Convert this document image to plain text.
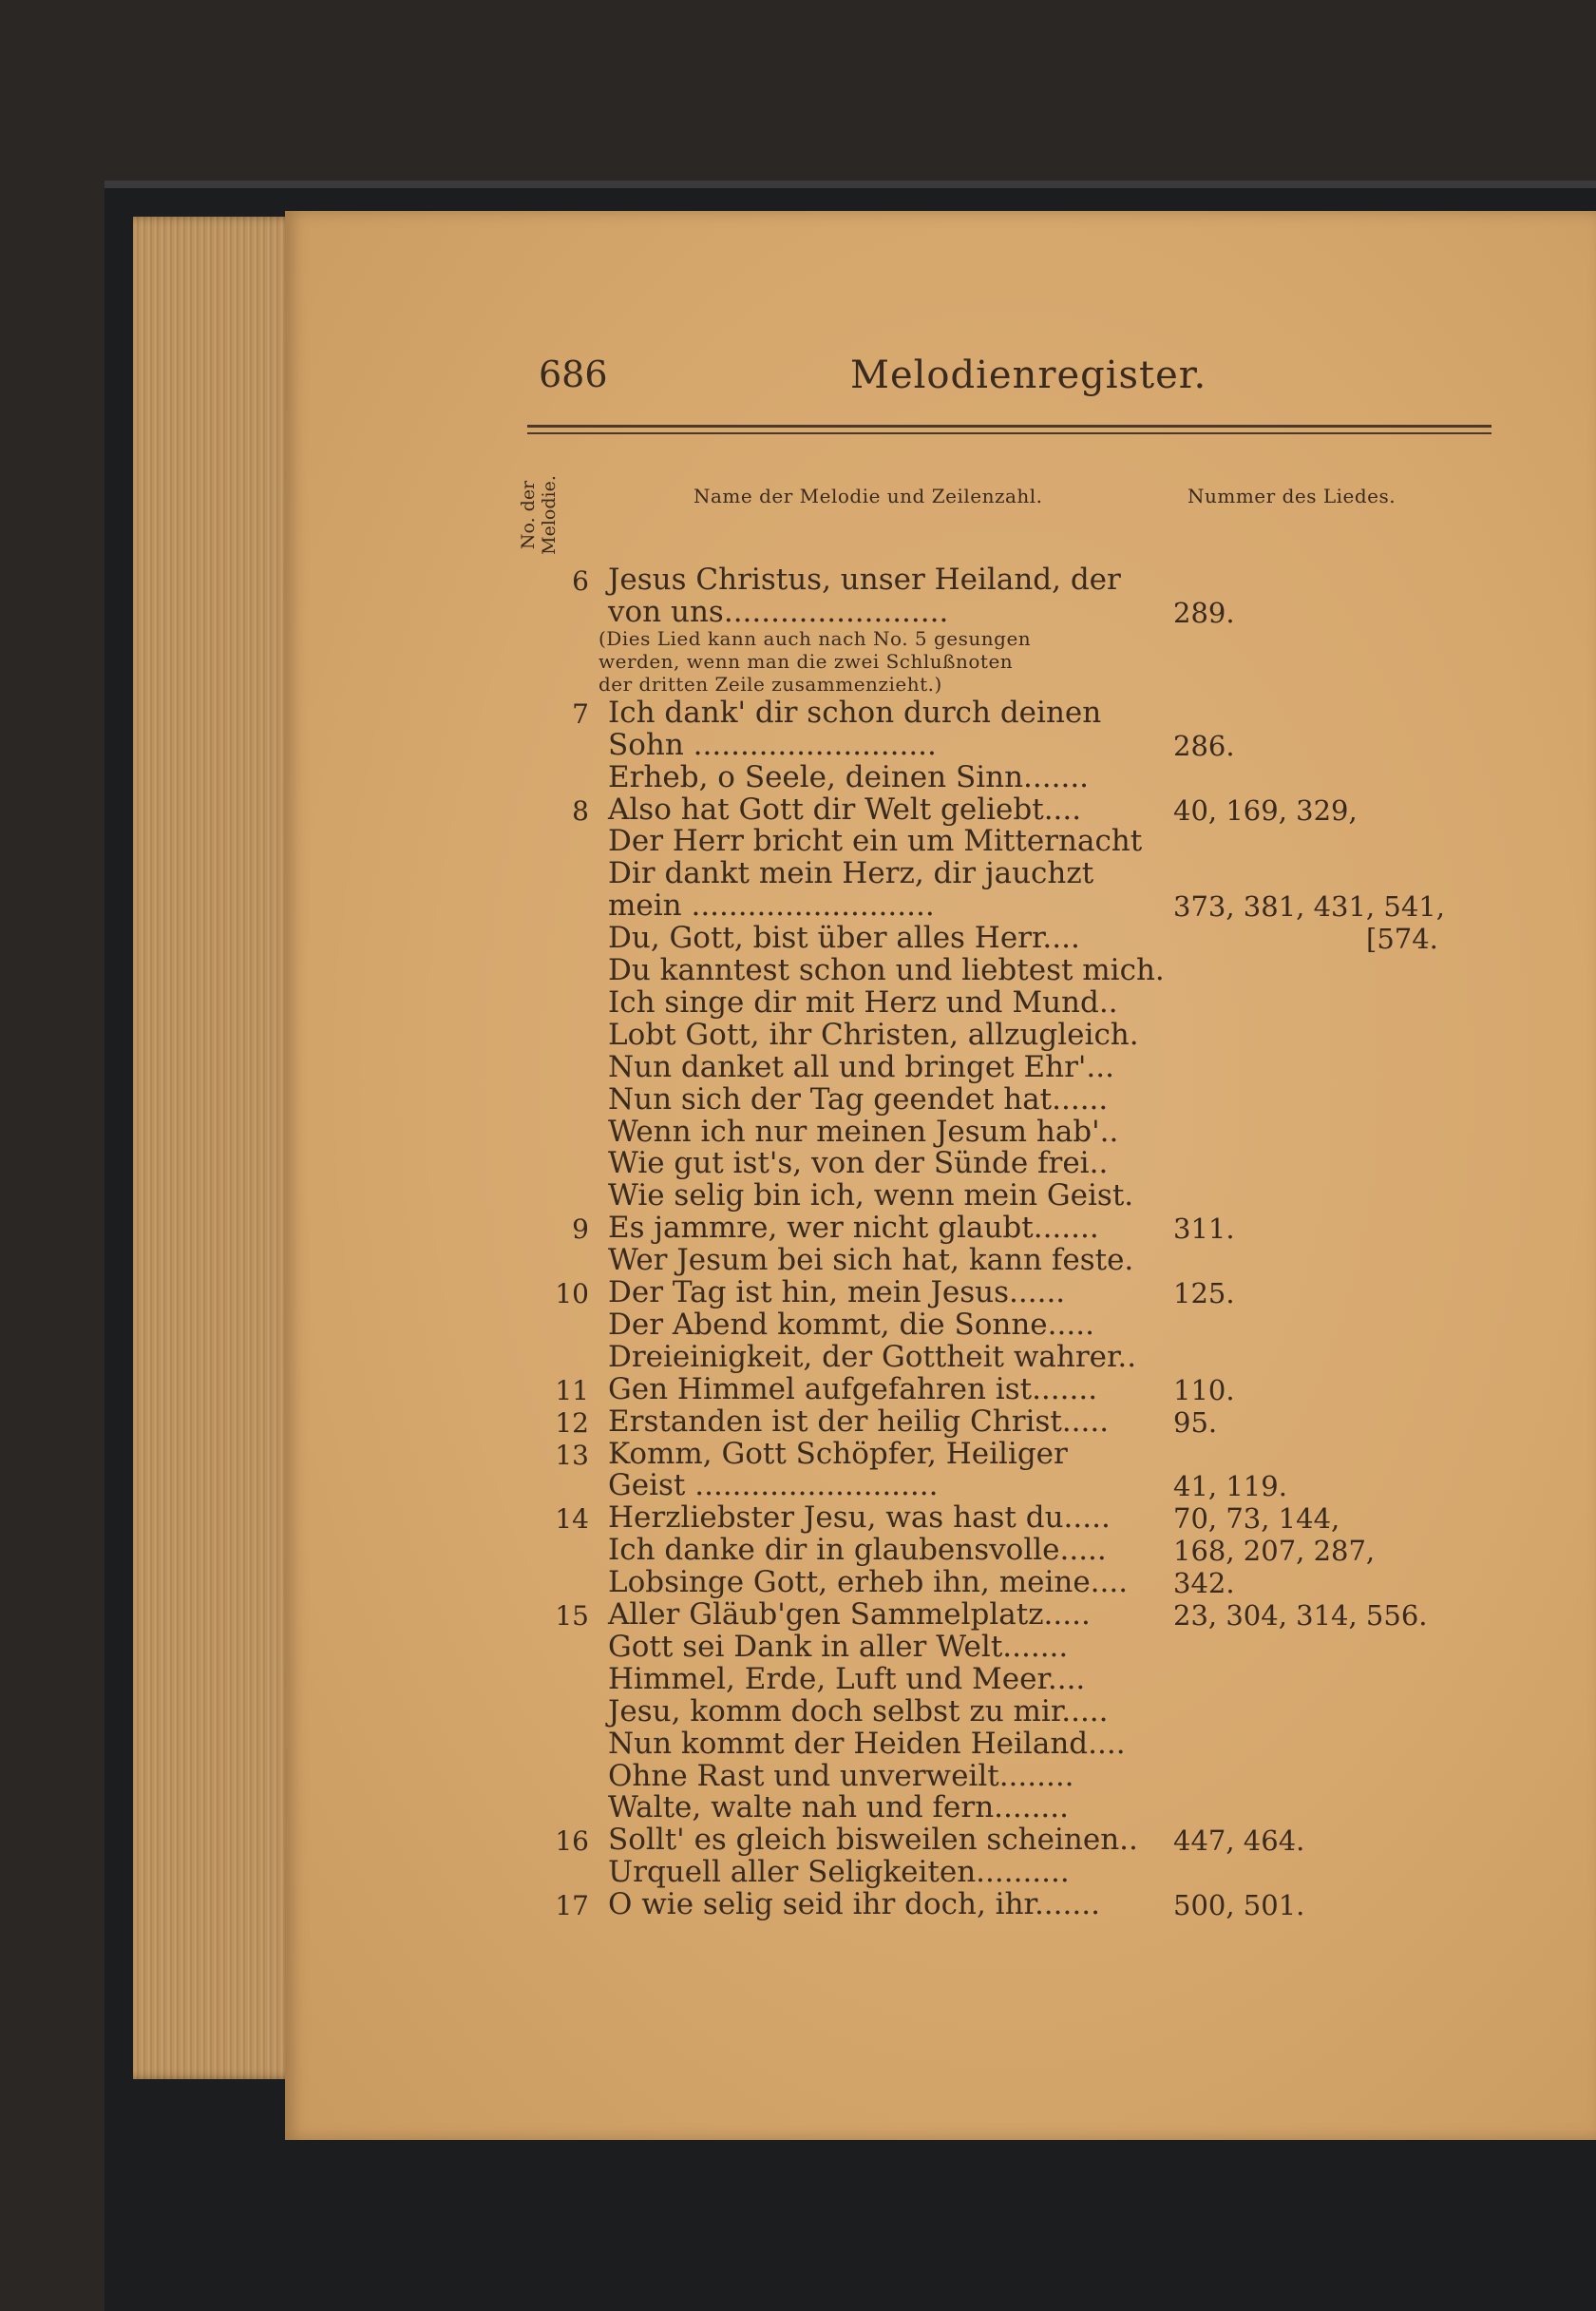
686	Melodienregister.
No. der Melodie.	Name der Melodie und Zeilenzahl.	Nummer des Liedes.
6 Jesus Christus, unser Heiland, der
von uns........................	289.
(Dies Lied kann auch nach No. 5 gesungen
werden, wenn man die zwei Schlußnoten
der dritten Zeile zusammenzieht.)
7 Ich dank' dir schon durch deinen
Sohn ..........................	286.
Erheb, o Seele, deinen Sinn.......
8 Also hat Gott dir Welt geliebt....	40, 169, 329,
Der Herr bricht ein um Mitternacht
Dir dankt mein Herz, dir jauchzt
mein ..........................	373, 381, 431, 541,
Du, Gott, bist über alles Herr....	[574.
Du kanntest schon und liebtest mich.
Ich singe dir mit Herz und Mund..
Lobt Gott, ihr Christen, allzugleich.
Nun danket all und bringet Ehr'...
Nun sich der Tag geendet hat......
Wenn ich nur meinen Jesum hab'..
Wie gut ist's, von der Sünde frei..
Wie selig bin ich, wenn mein Geist.
9 Es jammre, wer nicht glaubt.......	311.
Wer Jesum bei sich hat, kann feste.
10 Der Tag ist hin, mein Jesus......	125.
Der Abend kommt, die Sonne.....
Dreieinigkeit, der Gottheit wahrer..
11 Gen Himmel aufgefahren ist.......	110.
12 Erstanden ist der heilig Christ..... 95.
13 Komm, Gott Schöpfer, Heiliger
Geist ..........................	41, 119.
14 Herzliebster Jesu, was hast du..... 70, 73, 144,
Ich danke dir in glaubensvolle..... 168, 207, 287,
Lobsinge Gott, erheb ihn, meine.... 342.
15 Aller Gläub'gen Sammelplatz.....	23, 304, 314, 556.
Gott sei Dank in aller Welt.......
Himmel, Erde, Luft und Meer....
Jesu, komm doch selbst zu mir.....
Nun kommt der Heiden Heiland....
Ohne Rast und unverweilt........
Walte, walte nah und fern........
16 Sollt' es gleich bisweilen scheinen.. 447, 464.
Urquell aller Seligkeiten..........
17 O wie selig seid ihr doch, ihr.......	500, 501.
